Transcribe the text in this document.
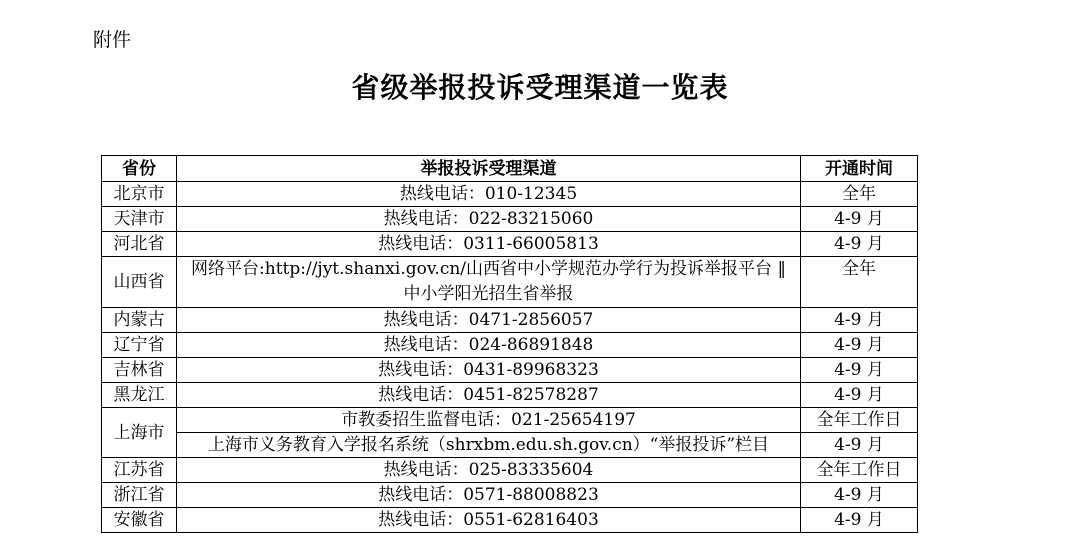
附件
省级举报投诉受理渠道一览表
省份	举报投诉受理渠道	开通时间
北京市	热线电话：010-12345	全年
天津市	热线电话：022-83215060	4-9 月
河北省	热线电话：0311-66005813	4-9 月
山西省	网络平台:http://jyt.shanxi.gov.cn/山西省中小学规范办学行为投诉举报平台 ‖ 中小学阳光招生省举报	全年
内蒙古	热线电话：0471-2856057	4-9 月
辽宁省	热线电话：024-86891848	4-9 月
吉林省	热线电话：0431-89968323	4-9 月
黑龙江	热线电话：0451-82578287	4-9 月
上海市	市教委招生监督电话：021-25654197	全年工作日
	上海市义务教育入学报名系统（shrxbm.edu.sh.gov.cn）“举报投诉”栏目	4-9 月
江苏省	热线电话：025-83335604	全年工作日
浙江省	热线电话：0571-88008823	4-9 月
安徽省	热线电话：0551-62816403	4-9 月
